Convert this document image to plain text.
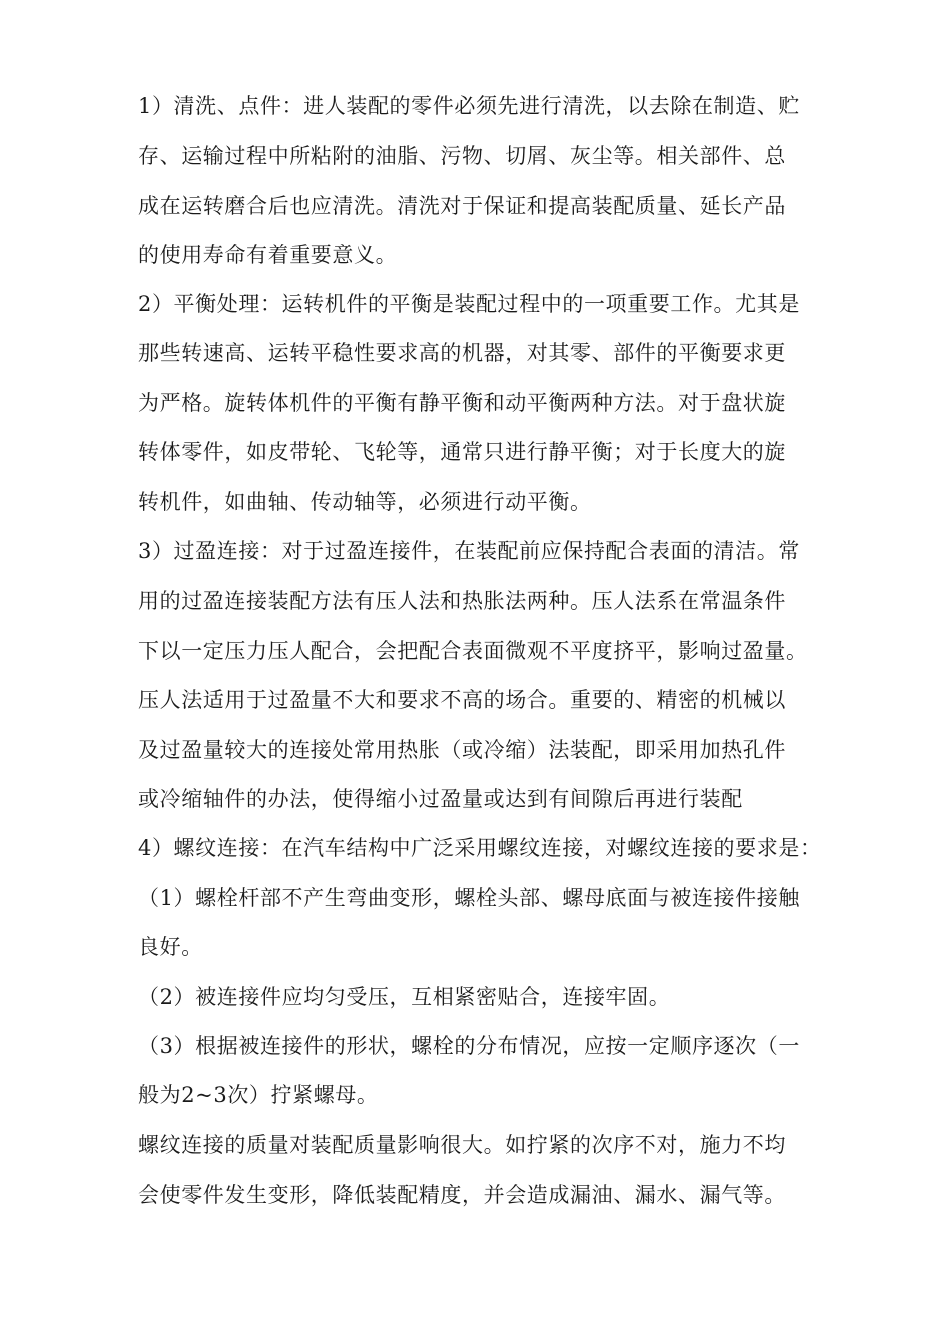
1）清洗、点件：进人装配的零件必须先进行清洗，以去除在制造、贮
存、运输过程中所粘附的油脂、污物、切屑、灰尘等。相关部件、总
成在运转磨合后也应清洗。清洗对于保证和提高装配质量、延长产品
的使用寿命有着重要意义。
2）平衡处理：运转机件的平衡是装配过程中的一项重要工作。尤其是
那些转速高、运转平稳性要求高的机器，对其零、部件的平衡要求更
为严格。旋转体机件的平衡有静平衡和动平衡两种方法。对于盘状旋
转体零件，如皮带轮、飞轮等，通常只进行静平衡；对于长度大的旋
转机件，如曲轴、传动轴等，必须进行动平衡。
3）过盈连接：对于过盈连接件，在装配前应保持配合表面的清洁。常
用的过盈连接装配方法有压人法和热胀法两种。压人法系在常温条件
下以一定压力压人配合，会把配合表面微观不平度挤平，影响过盈量。
压人法适用于过盈量不大和要求不高的场合。重要的、精密的机械以
及过盈量较大的连接处常用热胀（或冷缩）法装配，即采用加热孔件
或冷缩轴件的办法，使得缩小过盈量或达到有间隙后再进行装配
4）螺纹连接：在汽车结构中广泛采用螺纹连接，对螺纹连接的要求是：
（1）螺栓杆部不产生弯曲变形，螺栓头部、螺母底面与被连接件接触
良好。
（2）被连接件应均匀受压，互相紧密贴合，连接牢固。
（3）根据被连接件的形状，螺栓的分布情况，应按一定顺序逐次（一
般为2~3次）拧紧螺母。
螺纹连接的质量对装配质量影响很大。如拧紧的次序不对，施力不均
会使零件发生变形，降低装配精度，并会造成漏油、漏水、漏气等。
